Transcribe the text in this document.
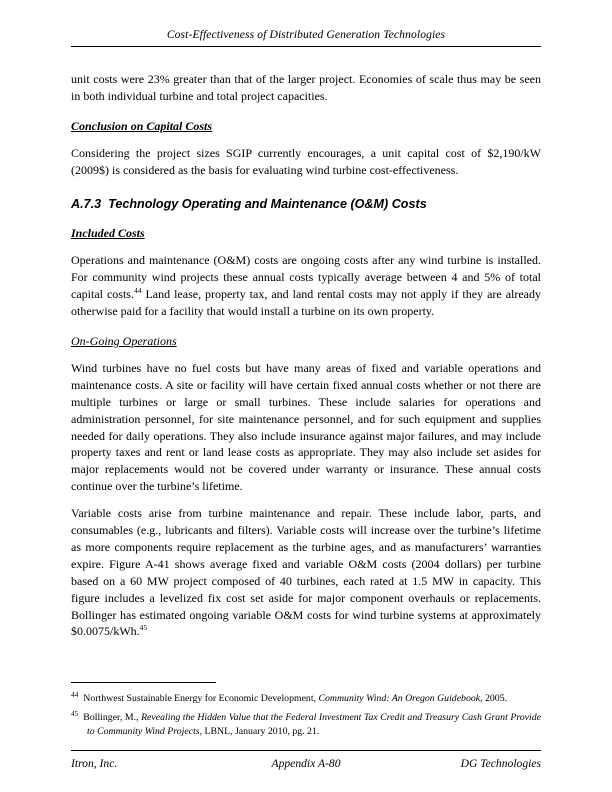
Cost-Effectiveness of Distributed Generation Technologies

unit costs were 23% greater than that of the larger project. Economies of scale thus may be seen in both individual turbine and total project capacities.

Conclusion on Capital Costs

Considering the project sizes SGIP currently encourages, a unit capital cost of $2,190/kW (2009$) is considered as the basis for evaluating wind turbine cost-effectiveness.

A.7.3  Technology Operating and Maintenance (O&M) Costs
Included Costs

Operations and maintenance (O&M) costs are ongoing costs after any wind turbine is installed. For community wind projects these annual costs typically average between 4 and 5% of total capital costs.$^{44}$ Land lease, property tax, and land rental costs may not apply if they are already otherwise paid for a facility that would install a turbine on its own property.

On-Going Operations

Wind turbines have no fuel costs but have many areas of fixed and variable operations and maintenance costs. A site or facility will have certain fixed annual costs whether or not there are multiple turbines or large or small turbines. These include salaries for operations and administration personnel, for site maintenance personnel, and for such equipment and supplies needed for daily operations. They also include insurance against major failures, and may include property taxes and rent or land lease costs as appropriate. They may also include set asides for major replacements would not be covered under warranty or insurance. These annual costs continue over the turbine’s lifetime.

Variable costs arise from turbine maintenance and repair. These include labor, parts, and consumables (e.g., lubricants and filters). Variable costs will increase over the turbine’s lifetime as more components require replacement as the turbine ages, and as manufacturers’ warranties expire. Figure A-41 shows average fixed and variable O&M costs (2004 dollars) per turbine based on a 60 MW project composed of 40 turbines, each rated at 1.5 MW in capacity. This figure includes a levelized fix cost set aside for major component overhauls or replacements. Bollinger has estimated ongoing variable O&M costs for wind turbine systems at approximately $0.0075/kWh.$^{45}$

$^{44}$ Northwest Sustainable Energy for Economic Development, Community Wind: An Oregon Guidebook, 2005.
$^{45}$ Bollinger, M., Revealing the Hidden Value that the Federal Investment Tax Credit and Treasury Cash Grant Provide to Community Wind Projects, LBNL, January 2010, pg. 21.
Itron, Inc.	Appendix A-80	DG Technologies
